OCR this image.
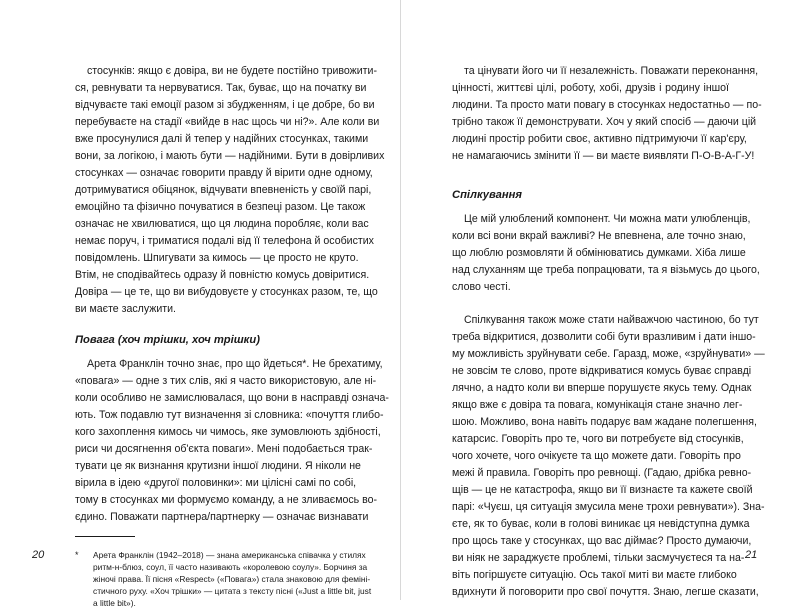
стосунків: якщо є довіра, ви не будете постійно тривожити-
ся, ревнувати та нервуватися. Так, буває, що на початку ви
відчуваєте такі емоції разом зі збудженням, і це добре, бо ви
перебуваєте на стадії «вийде в нас щось чи ні?». Але коли ви
вже просунулися далі й тепер у надійних стосунках, такими
вони, за логікою, і мають бути — надійними. Бути в довірливих
стосунках — означає говорити правду й вірити одне одному,
дотримуватися обіцянок, відчувати впевненість у своїй парі,
емоційно та фізично почуватися в безпеці разом. Це також
означає не хвилюватися, що ця людина поробляє, коли вас
немає поруч, і триматися подалі від її телефона й особистих
повідомлень. Шпигувати за кимось — це просто не круто.
Втім, не сподівайтесь одразу й повністю комусь довіритися.
Довіра — це те, що ви вибудовуєте у стосунках разом, те, що
ви маєте заслужити.
Повага (хоч трішки, хоч трішки)
Арета Франклін точно знає, про що йдеться*. Не брехатиму,
«повага» — одне з тих слів, які я часто використовую, але ні-
коли особливо не замислювалася, що вони в насправді означа-
ють. Тож подавлю тут визначення зі словника: «почуття глибо-
кого захоплення кимось чи чимось, яке зумовлюють здібності,
риси чи досягнення об'єкта поваги». Мені подобається трак-
тувати це як визнання крутизни іншої людини. Я ніколи не
вірила в ідею «другої половинки»: ми цілісні самі по собі,
тому в стосунках ми формуємо команду, а не зливаємось во-
єдино. Поважати партнера/партнерку — означає визнавати
* Арета Франклін (1942–2018) — знана американська співачка у стилях
ритм-н-блюз, соул, її часто називають «королевою соулу». Борчиня за
жіночі права. Її пісня «Respect» («Повага») стала знаковою для феміні-
стичного руху. «Хоч трішки» — цитата з тексту пісні («Just a little bit, just
a little bit»).
20
та цінувати його чи її незалежність. Поважати переконання,
цінності, життєві цілі, роботу, хобі, друзів і родину іншої
людини. Та просто мати повагу в стосунках недостатньо — по-
трібно також її демонструвати. Хоч у який спосіб — даючи цій
людині простір робити своє, активно підтримуючи її кар'єру,
не намагаючись змінити її — ви маєте виявляти П-О-В-А-Г-У!
Спілкування
Це мій улюблений компонент. Чи можна мати улюбленців,
коли всі вони вкрай важливі? Не впевнена, але точно знаю,
що люблю розмовляти й обмінюватись думками. Хіба лише
над слуханням ще треба попрацювати, та я візьмусь до цього,
слово честі.
Спілкування також може стати найважчою частиною, бо тут
треба відкритися, дозволити собі бути вразливим і дати іншо-
му можливість зруйнувати себе. Гаразд, може, «зруйнувати» —
не зовсім те слово, проте відкриватися комусь буває справді
лячно, а надто коли ви вперше порушуєте якусь тему. Однак
якщо вже є довіра та повага, комунікація стане значно лег-
шою. Можливо, вона навіть подарує вам жадане полегшення,
катарсис. Говоріть про те, чого ви потребуєте від стосунків,
чого хочете, чого очікуєте та що можете дати. Говоріть про
межі й правила. Говоріть про ревнощі. (Гадаю, дрібка ревно-
щів — це не катастрофа, якщо ви її визнаєте та кажете своїй
парі: «Чуєш, ця ситуація змусила мене трохи ревнувати»). Зна-
єте, як то буває, коли в голові виникає ця невідступна думка
про щось таке у стосунках, що вас діймає? Просто думаючи,
ви ніяк не зараджуєте проблемі, тільки засмучуєтеся та на-
віть погіршуєте ситуацію. Ось такої миті ви маєте глибоко
вдихнути й поговорити про свої почуття. Знаю, легше сказати,
21
